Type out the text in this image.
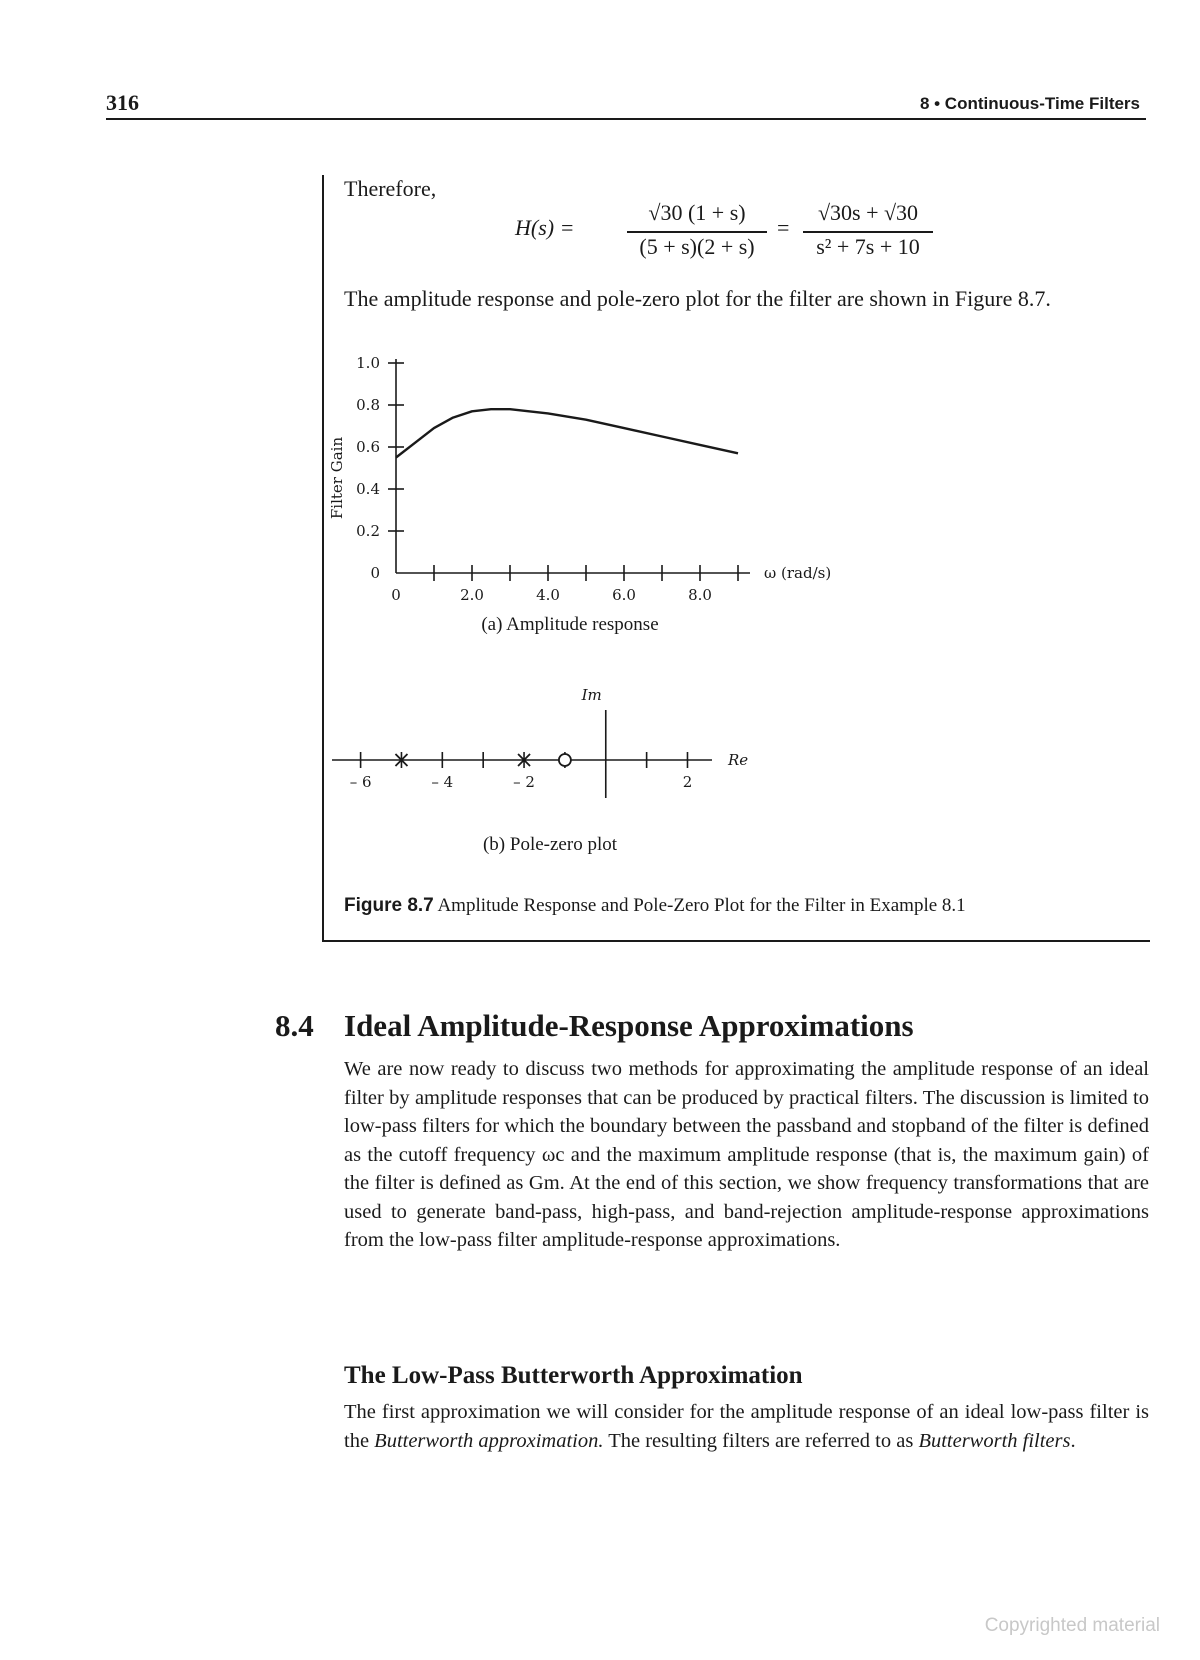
316	8 • Continuous-Time Filters
Therefore,
H(s) =
√30 (1 + s)
(5 + s)(2 + s)
=
√30s + √30
s² + 7s + 10
The amplitude response and pole-zero plot for the filter are shown in Figure 8.7.
0
0.2
0.4
0.6
0.8
1.0
0	2.0	4.0	6.0	8.0
ω (rad/s)
Filter Gain
(a) Amplitude response
– 6	– 4	– 2	2
Im
Re
(b) Pole-zero plot
Figure 8.7 Amplitude Response and Pole-Zero Plot for the Filter in Example 8.1
8.4 Ideal Amplitude-Response Approximations
We are now ready to discuss two methods for approximating the amplitude response of an ideal filter by amplitude responses that can be produced by practical filters. The discussion is limited to low-pass filters for which the boundary between the passband and stopband of the filter is defined as the cutoff frequency ωc and the maximum amplitude response (that is, the maximum gain) of the filter is defined as Gm. At the end of this section, we show frequency transformations that are used to generate band-pass, high-pass, and band-rejection amplitude-response approximations from the low-pass filter amplitude-response approximations.
The Low-Pass Butterworth Approximation
The first approximation we will consider for the amplitude response of an ideal low-pass filter is the Butterworth approximation. The resulting filters are referred to as Butterworth filters.
Copyrighted material
